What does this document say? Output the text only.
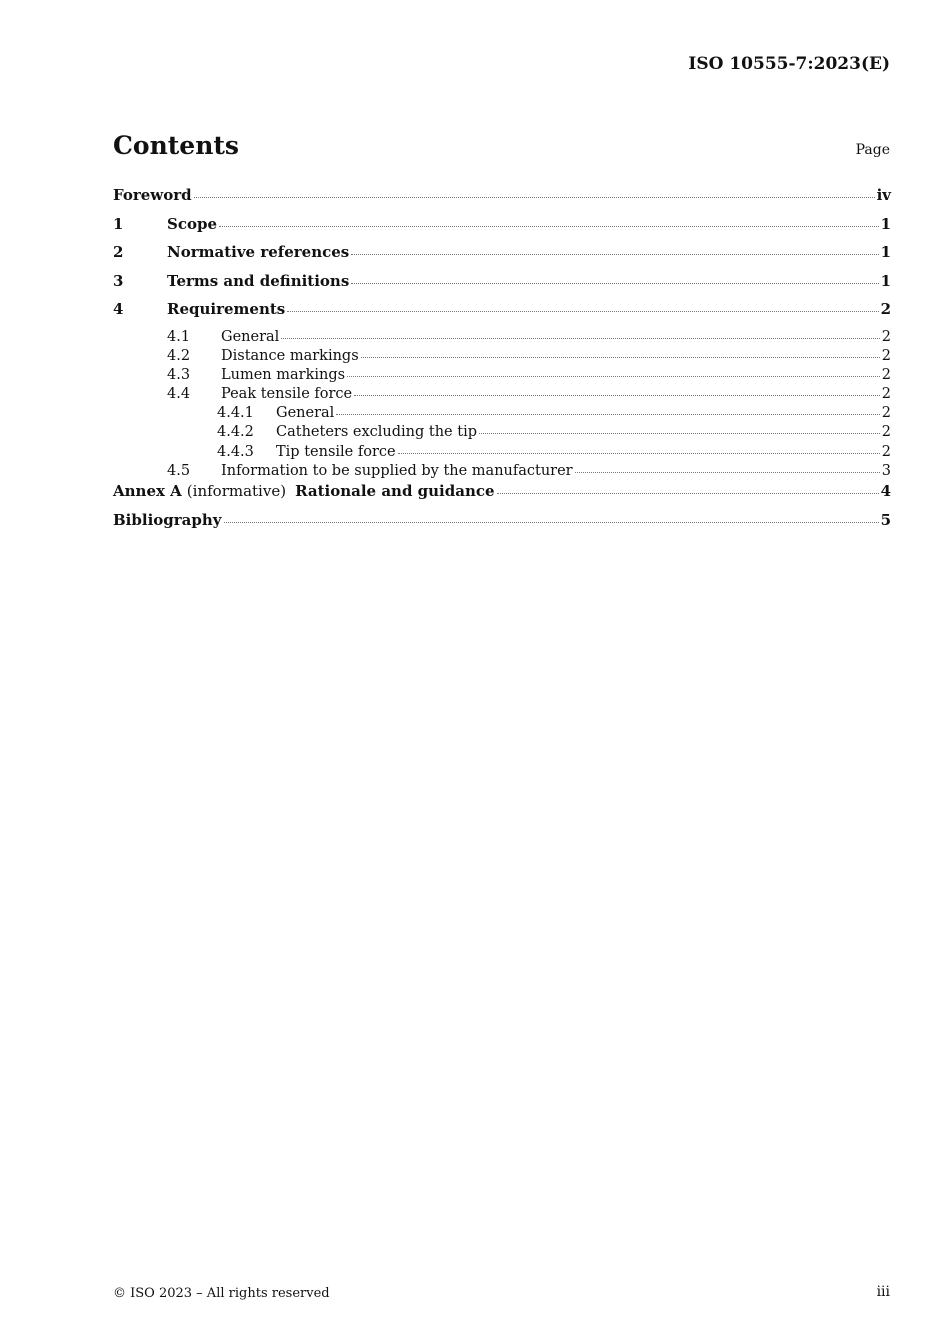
ISO 10555-7:2023(E)
Contents	Page
Foreword	iv
1	Scope	1
2	Normative references	1
3	Terms and definitions	1
4	Requirements	2
4.1	General	2
4.2	Distance markings	2
4.3	Lumen markings	2
4.4	Peak tensile force	2
4.4.1	General	2
4.4.2	Catheters excluding the tip	2
4.4.3	Tip tensile force	2
4.5	Information to be supplied by the manufacturer	3
Annex A (informative) Rationale and guidance	4
Bibliography	5
© ISO 2023 – All rights reserved	iii
